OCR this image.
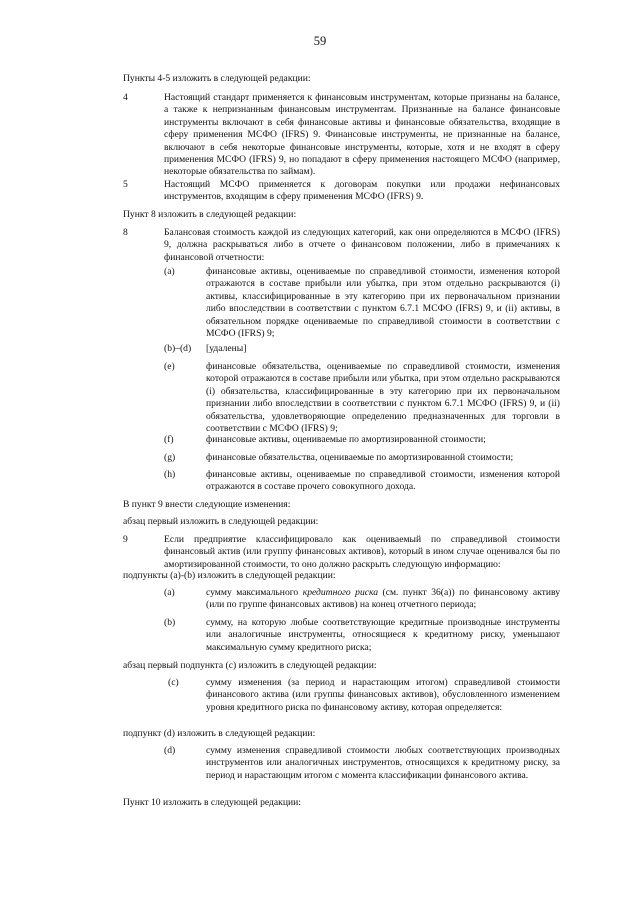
59
Пункты 4-5 изложить в следующей редакции:
4	Настоящий стандарт применяется к финансовым инструментам, которые признаны на балансе, а также к непризнанным финансовым инструментам. Признанные на балансе финансовые инструменты включают в себя финансовые активы и финансовые обязательства, входящие в сферу применения МСФО (IFRS) 9. Финансовые инструменты, не признанные на балансе, включают в себя некоторые финансовые инструменты, которые, хотя и не входят в сферу применения МСФО (IFRS) 9, но попадают в сферу применения настоящего МСФО (например, некоторые обязательства по займам).
5	Настоящий МСФО применяется к договорам покупки или продажи нефинансовых инструментов, входящим в сферу применения МСФО (IFRS) 9.
Пункт 8 изложить в следующей редакции:
8	Балансовая стоимость каждой из следующих категорий, как они определяются в МСФО (IFRS) 9, должна раскрываться либо в отчете о финансовом положении, либо в примечаниях к финансовой отчетности:
(a)	финансовые активы, оцениваемые по справедливой стоимости, изменения которой отражаются в составе прибыли или убытка, при этом отдельно раскрываются (i) активы, классифицированные в эту категорию при их первоначальном признании либо впоследствии в соответствии с пунктом 6.7.1 МСФО (IFRS) 9, и (ii) активы, в обязательном порядке оцениваемые по справедливой стоимости в соответствии с МСФО (IFRS) 9;
(b)–(d) [удалены]
(e)	финансовые обязательства, оцениваемые по справедливой стоимости, изменения которой отражаются в составе прибыли или убытка, при этом отдельно раскрываются (i) обязательства, классифицированные в эту категорию при их первоначальном признании либо впоследствии в соответствии с пунктом 6.7.1 МСФО (IFRS) 9, и (ii) обязательства, удовлетворяющие определению предназначенных для торговли в соответствии с МСФО (IFRS) 9;
(f)	финансовые активы, оцениваемые по амортизированной стоимости;
(g)	финансовые обязательства, оцениваемые по амортизированной стоимости;
(h)	финансовые активы, оцениваемые по справедливой стоимости, изменения которой отражаются в составе прочего совокупного дохода.
В пункт 9 внести следующие изменения:
абзац первый изложить в следующей редакции:
9	Если предприятие классифицировало как оцениваемый по справедливой стоимости финансовый актив (или группу финансовых активов), который в ином случае оценивался бы по амортизированной стоимости, то оно должно раскрыть следующую информацию:
подпункты (a)-(b) изложить в следующей редакции:
(a)	сумму максимального кредитного риска (см. пункт 36(a)) по финансовому активу (или по группе финансовых активов) на конец отчетного периода;
(b)	сумму, на которую любые соответствующие кредитные производные инструменты или аналогичные инструменты, относящиеся к кредитному риску, уменьшают максимальную сумму кредитного риска;
абзац первый подпункта (c) изложить в следующей редакции:
(c)	сумму изменения (за период и нарастающим итогом) справедливой стоимости финансового актива (или группы финансовых активов), обусловленного изменением уровня кредитного риска по финансовому активу, которая определяется:
подпункт (d) изложить в следующей редакции:
(d)	сумму изменения справедливой стоимости любых соответствующих производных инструментов или аналогичных инструментов, относящихся к кредитному риску, за период и нарастающим итогом с момента классификации финансового актива.
Пункт 10 изложить в следующей редакции:
